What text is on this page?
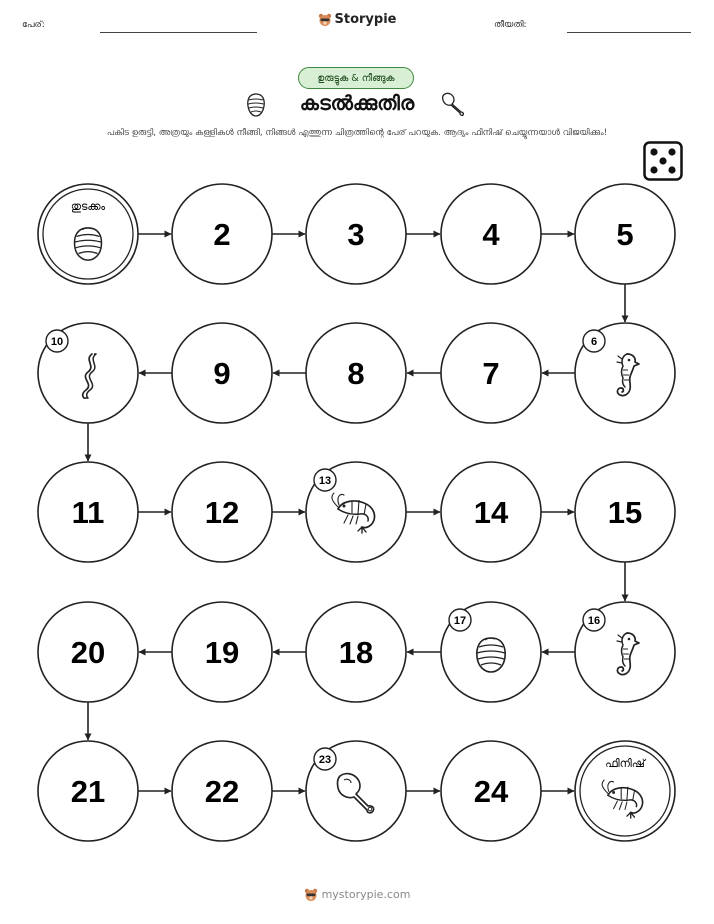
പേര്:	Storypie	തീയതി:
ഉരുട്ടുക & നീങ്ങുക
കടൽക്കുതിര
പകിട ഉരുട്ടി, അത്രയും കള്ളികൾ നീങ്ങി, നിങ്ങൾ എത്തുന്ന ചിത്രത്തിന്റെ പേര് പറയുക. ആദ്യം ഫിനിഷ് ചെയ്യുന്നയാൾ വിജയിക്കും!
തുടക്കം
2	3	4	5
6
7
8
9
10
11	12
13
14	15
16
17
18
19
20
21	22
23
24
ഫിനിഷ്
mystorypie.com
